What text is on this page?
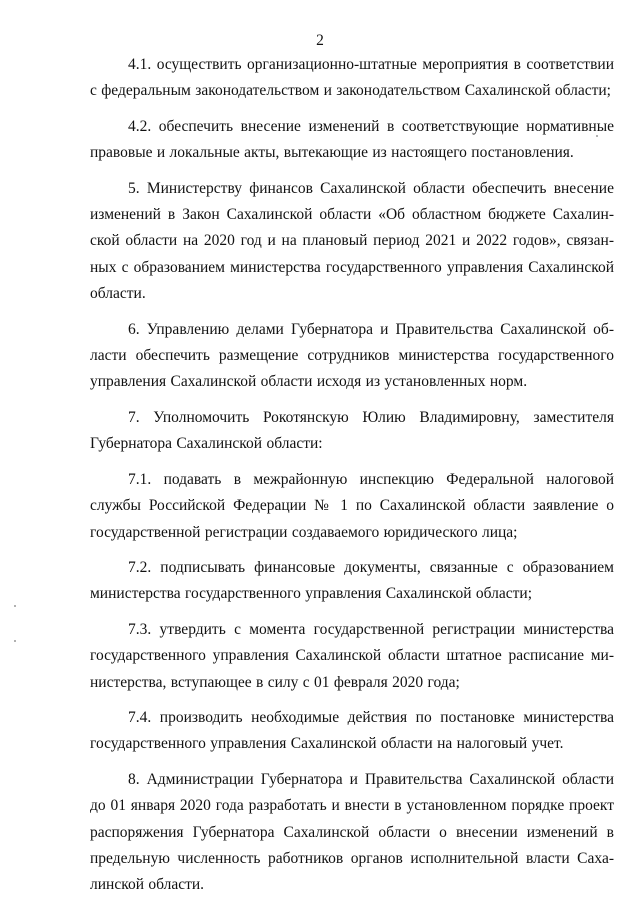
2

4.1. осуществить организационно-штатные мероприятия в соответствии с федеральным законодательством и законодательством Сахалинской области;

4.2. обеспечить внесение изменений в соответствующие нормативные правовые и локальные акты, вытекающие из настоящего постановления.

5. Министерству финансов Сахалинской области обеспечить внесение изменений в Закон Сахалинской области «Об областном бюджете Сахалинской области на 2020 год и на плановый период 2021 и 2022 годов», связанных с образованием министерства государственного управления Сахалинской области.

6. Управлению делами Губернатора и Правительства Сахалинской области обеспечить размещение сотрудников министерства государственного управления Сахалинской области исходя из установленных норм.

7. Уполномочить Рокотянскую Юлию Владимировну, заместителя Губернатора Сахалинской области:

7.1. подавать в межрайонную инспекцию Федеральной налоговой службы Российской Федерации № 1 по Сахалинской области заявление о государственной регистрации создаваемого юридического лица;

7.2. подписывать финансовые документы, связанные с образованием министерства государственного управления Сахалинской области;

7.3. утвердить с момента государственной регистрации министерства государственного управления Сахалинской области штатное расписание министерства, вступающее в силу с 01 февраля 2020 года;

7.4. производить необходимые действия по постановке министерства государственного управления Сахалинской области на налоговый учет.

8. Администрации Губернатора и Правительства Сахалинской области до 01 января 2020 года разработать и внести в установленном порядке проект распоряжения Губернатора Сахалинской области о внесении изменений в предельную численность работников органов исполнительной власти Сахалинской области.
